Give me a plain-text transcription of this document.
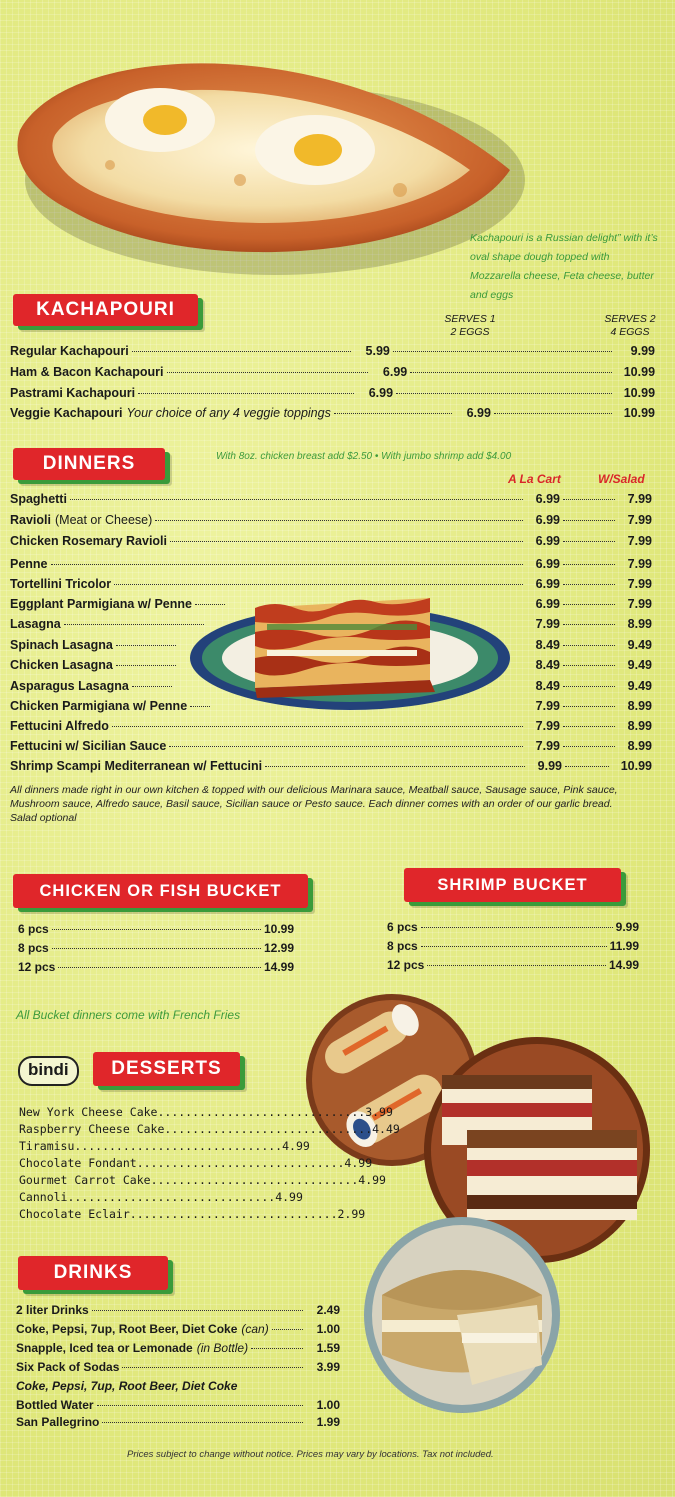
Kachapouri is a Russian delight” with it’s oval shape dough topped with Mozzarella cheese, Feta cheese, butter and eggs
KACHAPOURI	SERVES 1
2 EGGS
SERVES 2
4 EGGS
Regular Kachapouri	5.99	9.99
Ham & Bacon Kachapouri	6.99	10.99
Pastrami Kachapouri	6.99	10.99
Veggie Kachapouri Your choice of any 4 veggie toppings	6.99	10.99
DINNERS	With 8oz. chicken breast add $2.50 • With jumbo shrimp add $4.00
A La Cart	W/Salad
Spaghetti	6.99	7.99
Ravioli (Meat or Cheese)	6.99	7.99
Chicken Rosemary Ravioli	6.99	7.99
Penne	6.99	7.99
Tortellini Tricolor	6.99	7.99
Eggplant Parmigiana w/ Penne	6.99	7.99
Lasagna	7.99	8.99
Spinach Lasagna	8.49	9.49
Chicken Lasagna	8.49	9.49
Asparagus Lasagna	8.49	9.49
Chicken Parmigiana w/ Penne	7.99	8.99
Fettucini Alfredo	7.99	8.99
Fettucini w/ Sicilian Sauce	7.99	8.99
Shrimp Scampi Mediterranean w/ Fettucini	9.99	10.99
All dinners made right in our own kitchen & topped with our delicious Marinara sauce, Meatball sauce, Sausage sauce, Pink sauce, Mushroom sauce, Alfredo sauce, Basil sauce, Sicilian sauce or Pesto sauce. Each dinner comes with an order of our garlic bread. Salad optional
CHICKEN OR FISH BUCKET
6 pcs	10.99
8 pcs	12.99
12 pcs	14.99
SHRIMP BUCKET
6 pcs	9.99
8 pcs	11.99
12 pcs	14.99
All Bucket dinners come with French Fries
bindi	DESSERTS
New York Cheese Cake .............................. 3.99
Raspberry Cheese Cake .............................. 4.49
Tiramisu .............................. 4.99
Chocolate Fondant .............................. 4.99
Gourmet Carrot Cake .............................. 4.99
Cannoli .............................. 4.99
Chocolate Eclair .............................. 2.99
DRINKS
2 liter Drinks	2.49
Coke, Pepsi, 7up, Root Beer, Diet Coke (can)	1.00
Snapple, Iced tea or Lemonade (in Bottle)	1.59
Six Pack of Sodas	3.99
Coke, Pepsi, 7up, Root Beer, Diet Coke
Bottled Water	1.00
San Pallegrino	1.99
Prices subject to change without notice. Prices may vary by locations. Tax not included.
